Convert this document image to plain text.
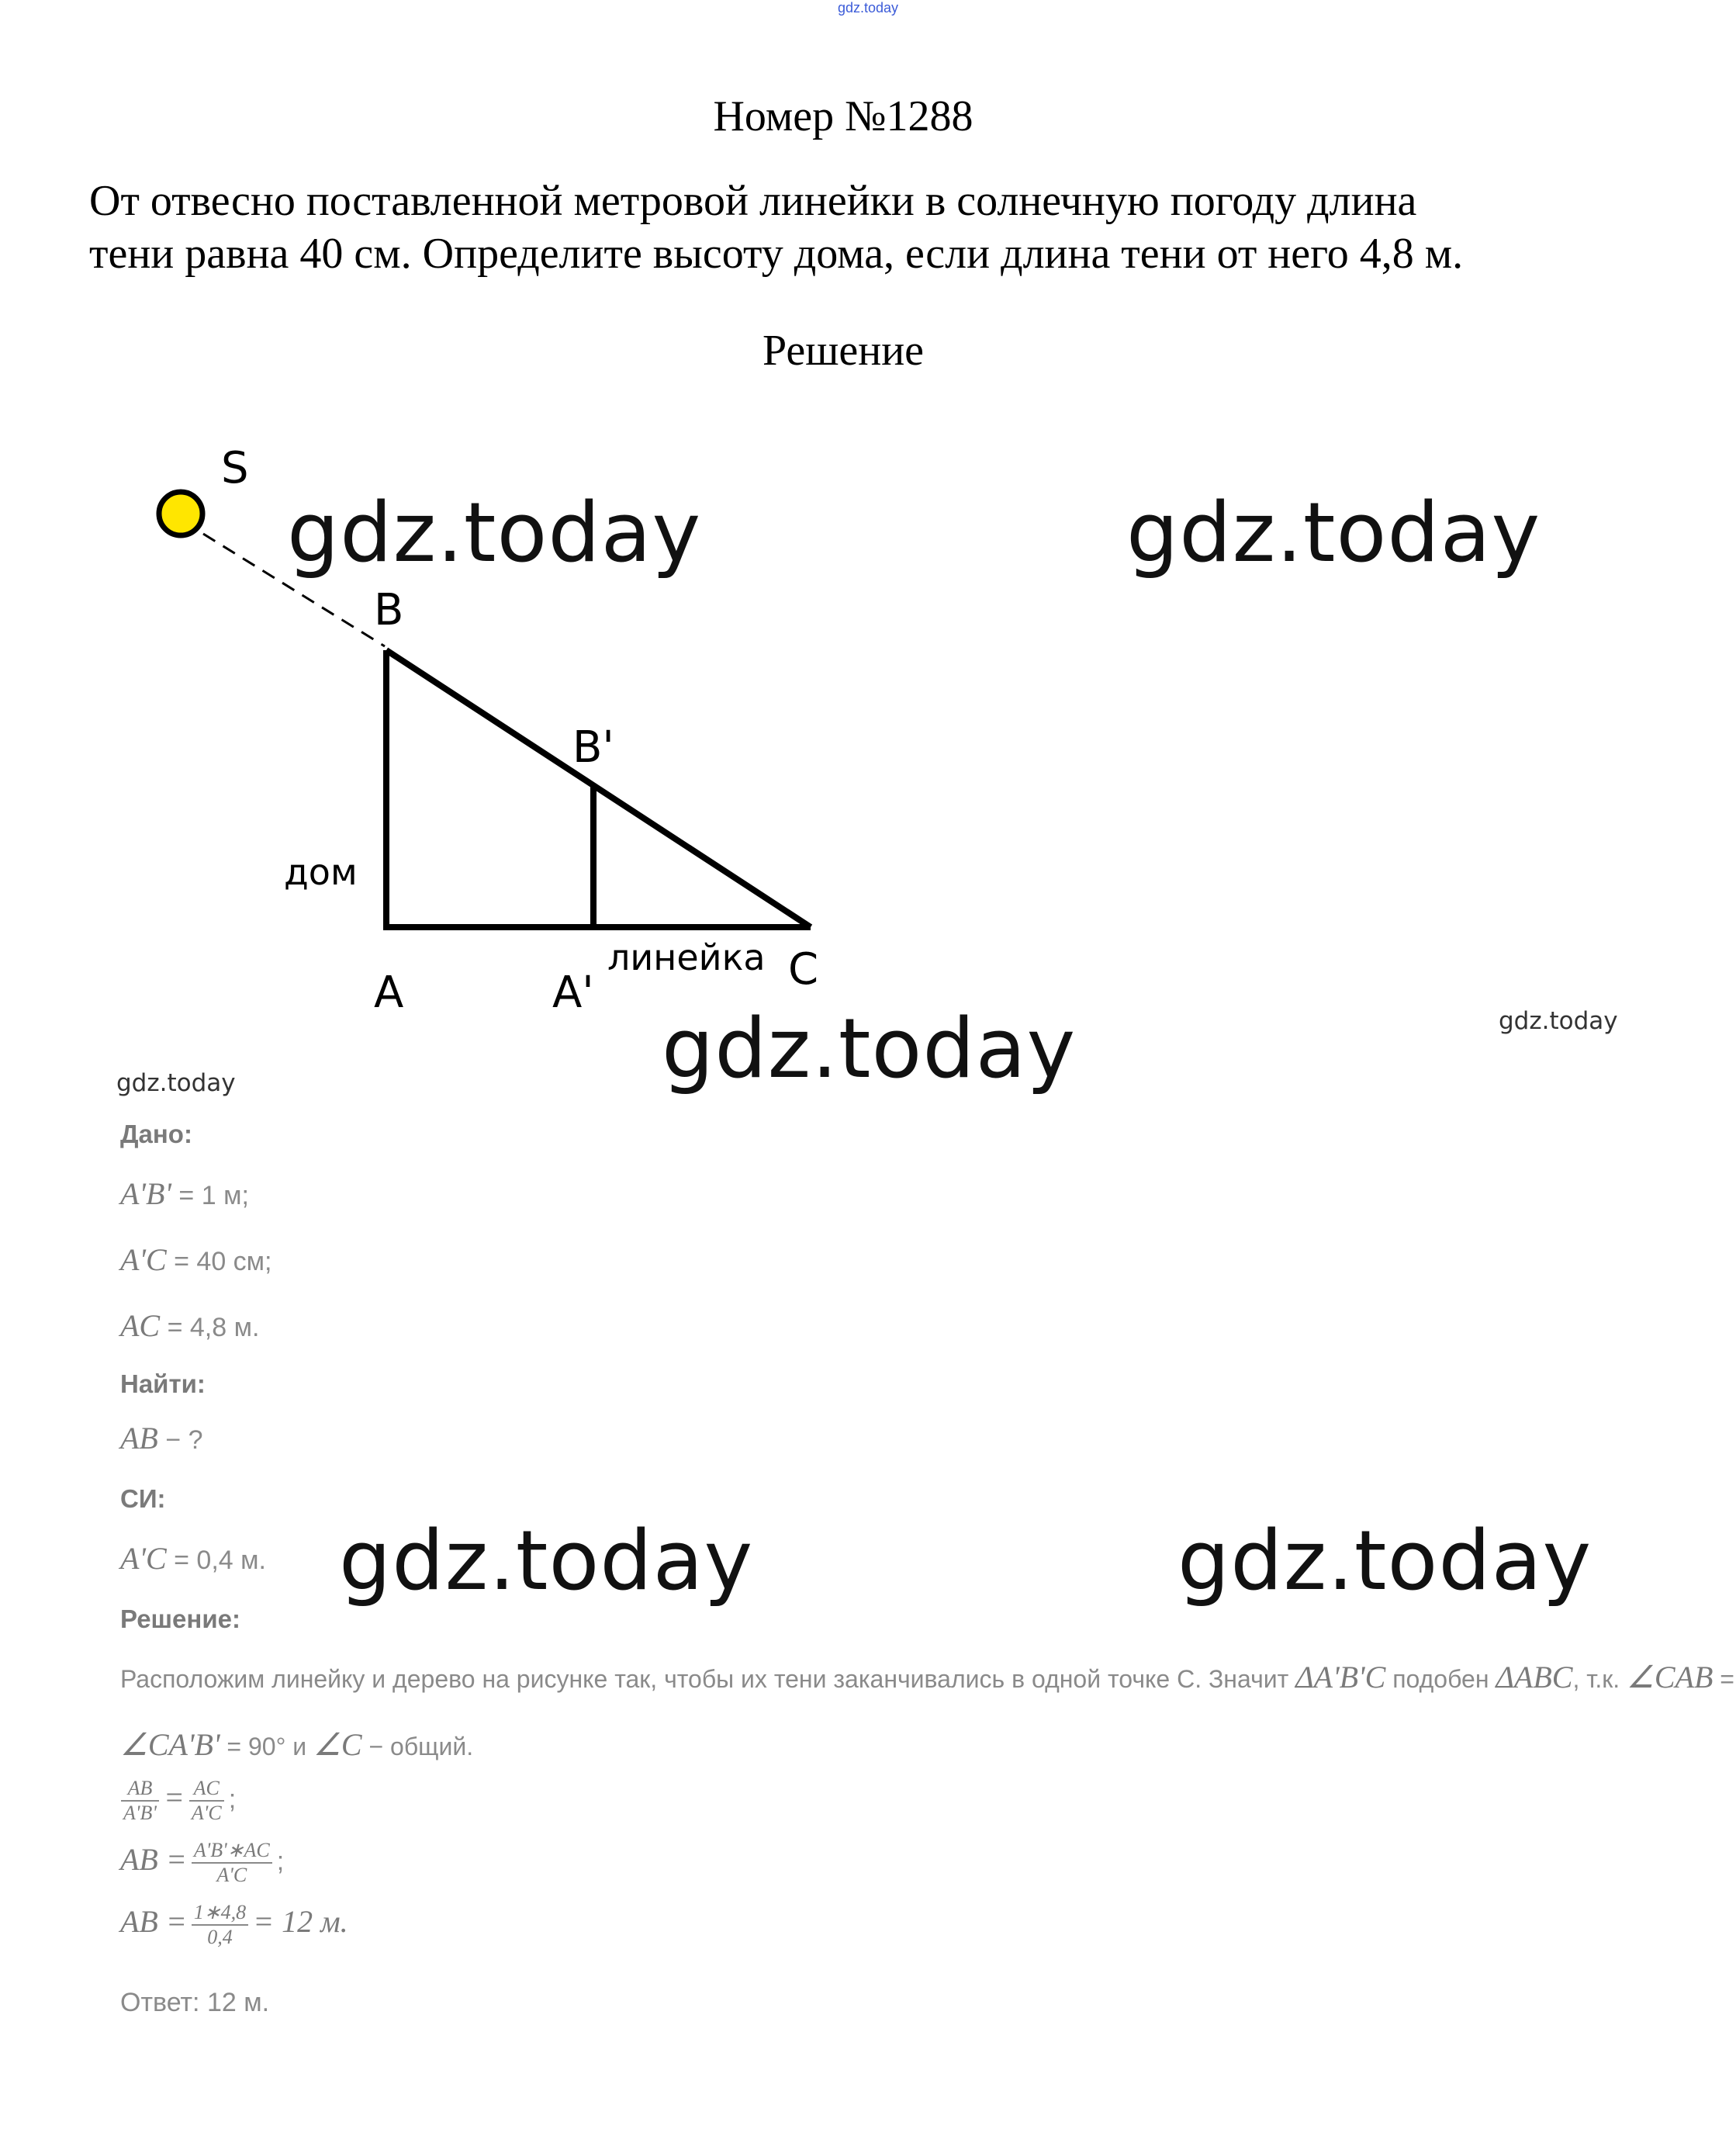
gdz.today
Номер №1288
От отвесно поставленной метровой линейки в солнечную погоду длина
тени равна 40 см. Определите высоту дома, если длина тени от него 4,8 м.
Решение
S
B
B'
дом
линейка
A	A'	C
gdz.today	gdz.today
gdz.today
gdz.today	gdz.today
gdz.today
gdz.today
Дано:
A'B' = 1 м;
A'C = 40 см;
AC = 4,8 м.
Найти:
AB − ?
СИ:
A'C = 0,4 м.
Решение:
Расположим линейку и дерево на рисунке так, чтобы их тени заканчивались в одной точке С. Значит ΔA'B'C подобен ΔABC, т.к. ∠CAB =
∠CA'B' = 90° и ∠C − общий.
$\frac{AB}{A'B'} = \frac{AC}{A'C}$ ;
AB = $\frac{A'B'∗AC}{A'C}$ ;
AB = $\frac{1∗4,8}{0,4} = 12$ м.
Ответ: 12 м.
